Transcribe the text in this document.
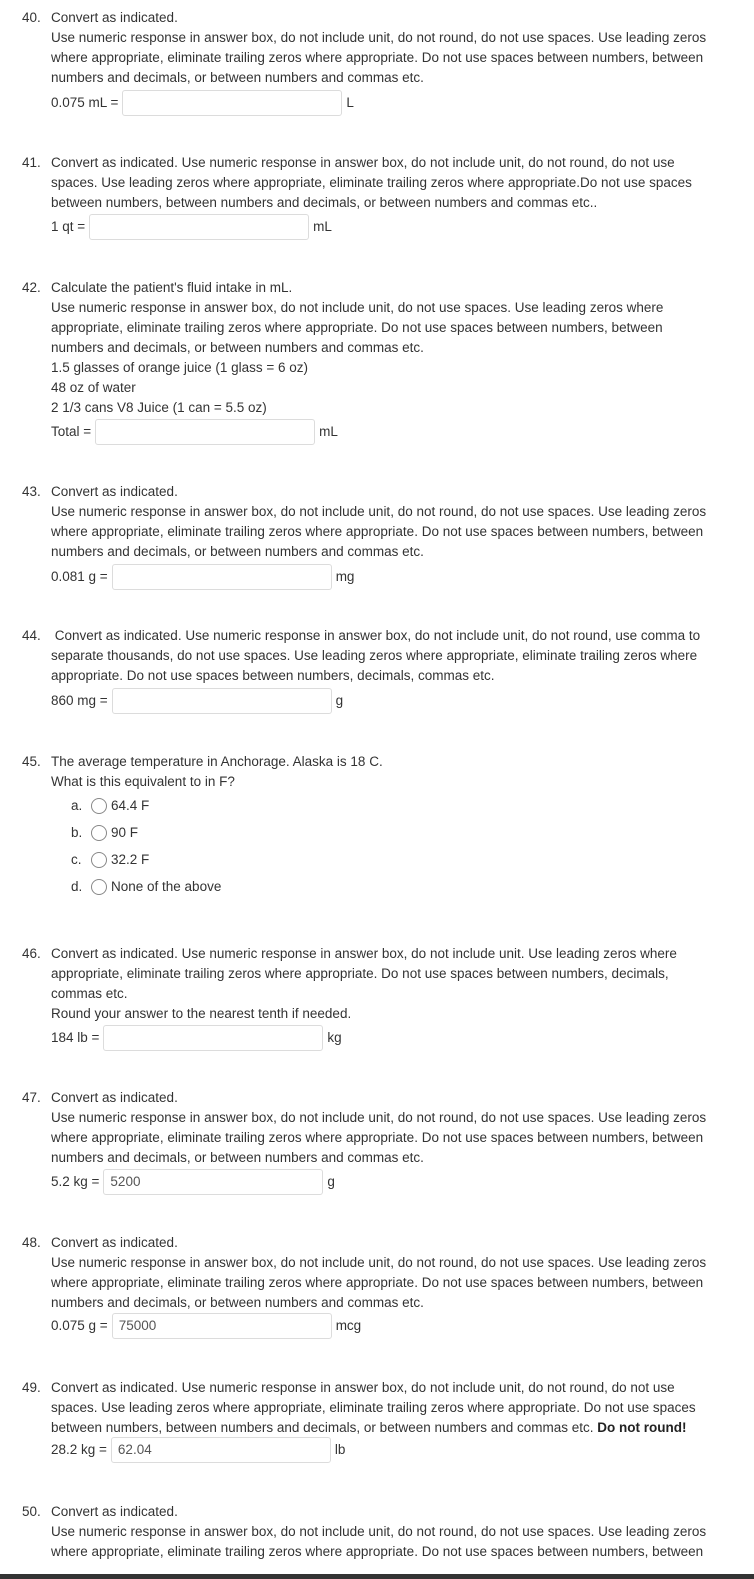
40. Convert as indicated.
Use numeric response in answer box, do not include unit, do not round, do not use spaces. Use leading zeros
where appropriate, eliminate trailing zeros where appropriate. Do not use spaces between numbers, between
numbers and decimals, or between numbers and commas etc.
0.075 mL =	L
41. Convert as indicated. Use numeric response in answer box, do not include unit, do not round, do not use
spaces. Use leading zeros where appropriate, eliminate trailing zeros where appropriate.Do not use spaces
between numbers, between numbers and decimals, or between numbers and commas etc..
1 qt =	mL
42. Calculate the patient's fluid intake in mL.
Use numeric response in answer box, do not include unit, do not use spaces. Use leading zeros where
appropriate, eliminate trailing zeros where appropriate. Do not use spaces between numbers, between
numbers and decimals, or between numbers and commas etc.
1.5 glasses of orange juice (1 glass = 6 oz)
48 oz of water
2 1/3 cans V8 Juice (1 can = 5.5 oz)
Total =	mL
43. Convert as indicated.
Use numeric response in answer box, do not include unit, do not round, do not use spaces. Use leading zeros
where appropriate, eliminate trailing zeros where appropriate. Do not use spaces between numbers, between
numbers and decimals, or between numbers and commas etc.
0.081 g =	mg
44. Convert as indicated. Use numeric response in answer box, do not include unit, do not round, use comma to
separate thousands, do not use spaces. Use leading zeros where appropriate, eliminate trailing zeros where
appropriate. Do not use spaces between numbers, decimals, commas etc.
860 mg =	g
45. The average temperature in Anchorage. Alaska is 18 C.
What is this equivalent to in F?
a.	64.4 F
b.	90 F
c.	32.2 F
d.	None of the above
46. Convert as indicated. Use numeric response in answer box, do not include unit. Use leading zeros where
appropriate, eliminate trailing zeros where appropriate. Do not use spaces between numbers, decimals,
commas etc.
Round your answer to the nearest tenth if needed.
184 lb =	kg
47. Convert as indicated.
Use numeric response in answer box, do not include unit, do not round, do not use spaces. Use leading zeros
where appropriate, eliminate trailing zeros where appropriate. Do not use spaces between numbers, between
numbers and decimals, or between numbers and commas etc.
5.2 kg = 5200	g
48. Convert as indicated.
Use numeric response in answer box, do not include unit, do not round, do not use spaces. Use leading zeros
where appropriate, eliminate trailing zeros where appropriate. Do not use spaces between numbers, between
numbers and decimals, or between numbers and commas etc.
0.075 g = 75000	mcg
49. Convert as indicated. Use numeric response in answer box, do not include unit, do not round, do not use
spaces. Use leading zeros where appropriate, eliminate trailing zeros where appropriate. Do not use spaces
between numbers, between numbers and decimals, or between numbers and commas etc. Do not round!
28.2 kg = 62.04	lb
50. Convert as indicated.
Use numeric response in answer box, do not include unit, do not round, do not use spaces. Use leading zeros
where appropriate, eliminate trailing zeros where appropriate. Do not use spaces between numbers, between
